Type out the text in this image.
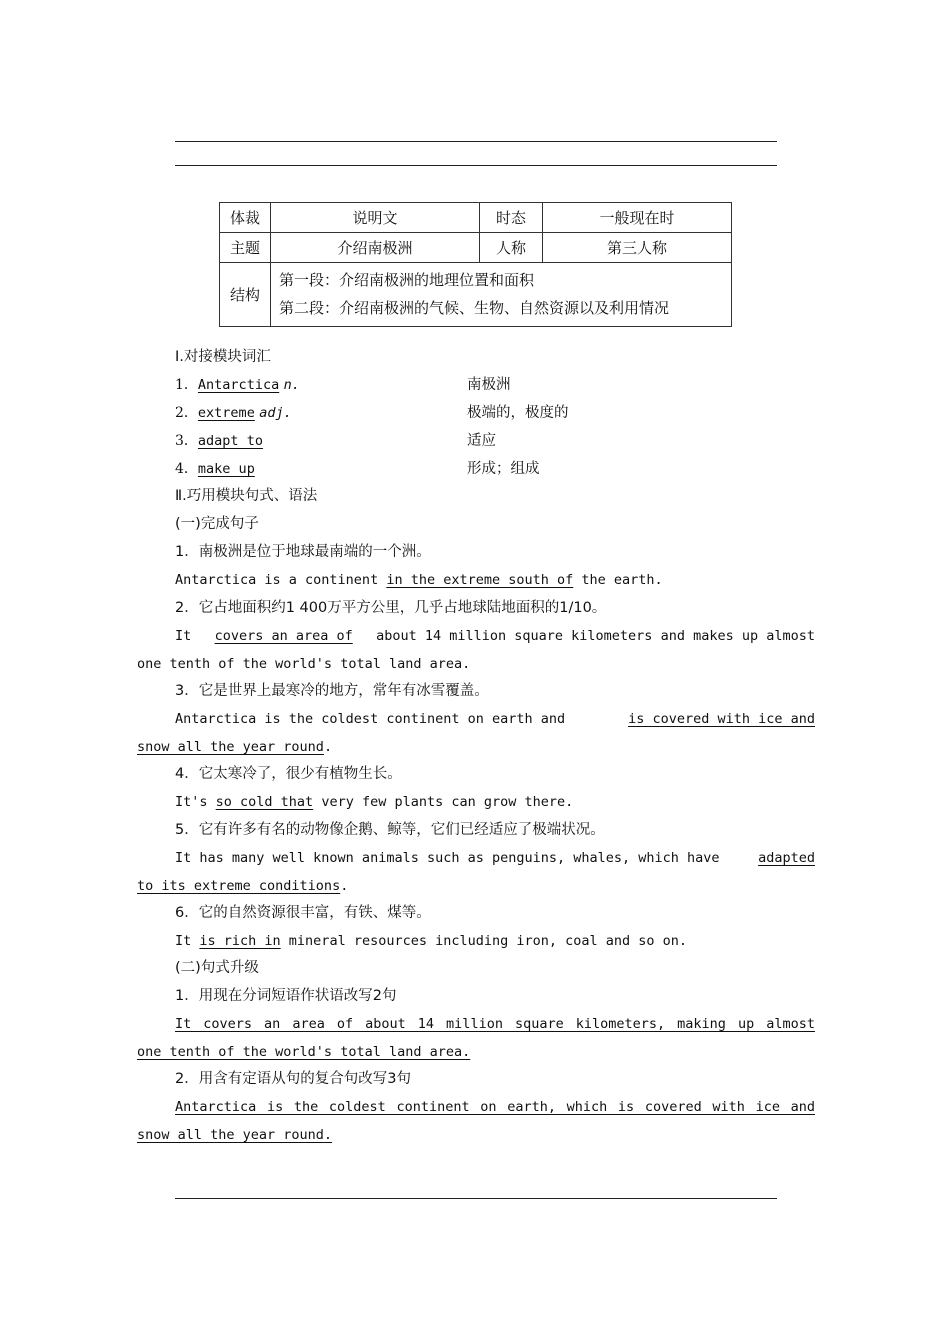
体裁	说明文	时态	一般现在时
主题	介绍南极洲	人称	第三人称
结构	第一段：介绍南极洲的地理位置和面积
第二段：介绍南极洲的气候、生物、自然资源以及利用情况		
Ⅰ.对接模块词汇
1．Antarctica n.	南极洲
2．extreme adj.	极端的，极度的
3．adapt to	适应
4．make up	形成；组成
Ⅱ.巧用模块句式、语法
(一)完成句子
1．南极洲是位于地球最南端的一个洲。
Antarctica is a continent in the extreme south of the earth.
2．它占地面积约1 400万平方公里，几乎占地球陆地面积的1/10。
It covers an area of about 14 million square kilometers and makes up almost
one tenth of the world's total land area.
3．它是世界上最寒冷的地方，常年有冰雪覆盖。
Antarctica is the coldest continent on earth and	is covered with ice and
snow all the year round.
4．它太寒冷了，很少有植物生长。
It's so cold that very few plants can grow there.
5．它有许多有名的动物像企鹅、鲸等，它们已经适应了极端状况。
It has many well known animals such as penguins, whales, which have	adapted
to its extreme conditions.
6．它的自然资源很丰富，有铁、煤等。
It is rich in mineral resources including iron, coal and so on.
(二)句式升级
1．用现在分词短语作状语改写2句
It covers an area of about 14 million square kilometers, making up almost
one tenth of the world's total land area.
2．用含有定语从句的复合句改写3句
Antarctica is the coldest continent on earth, which is covered with ice and
snow all the year round.
